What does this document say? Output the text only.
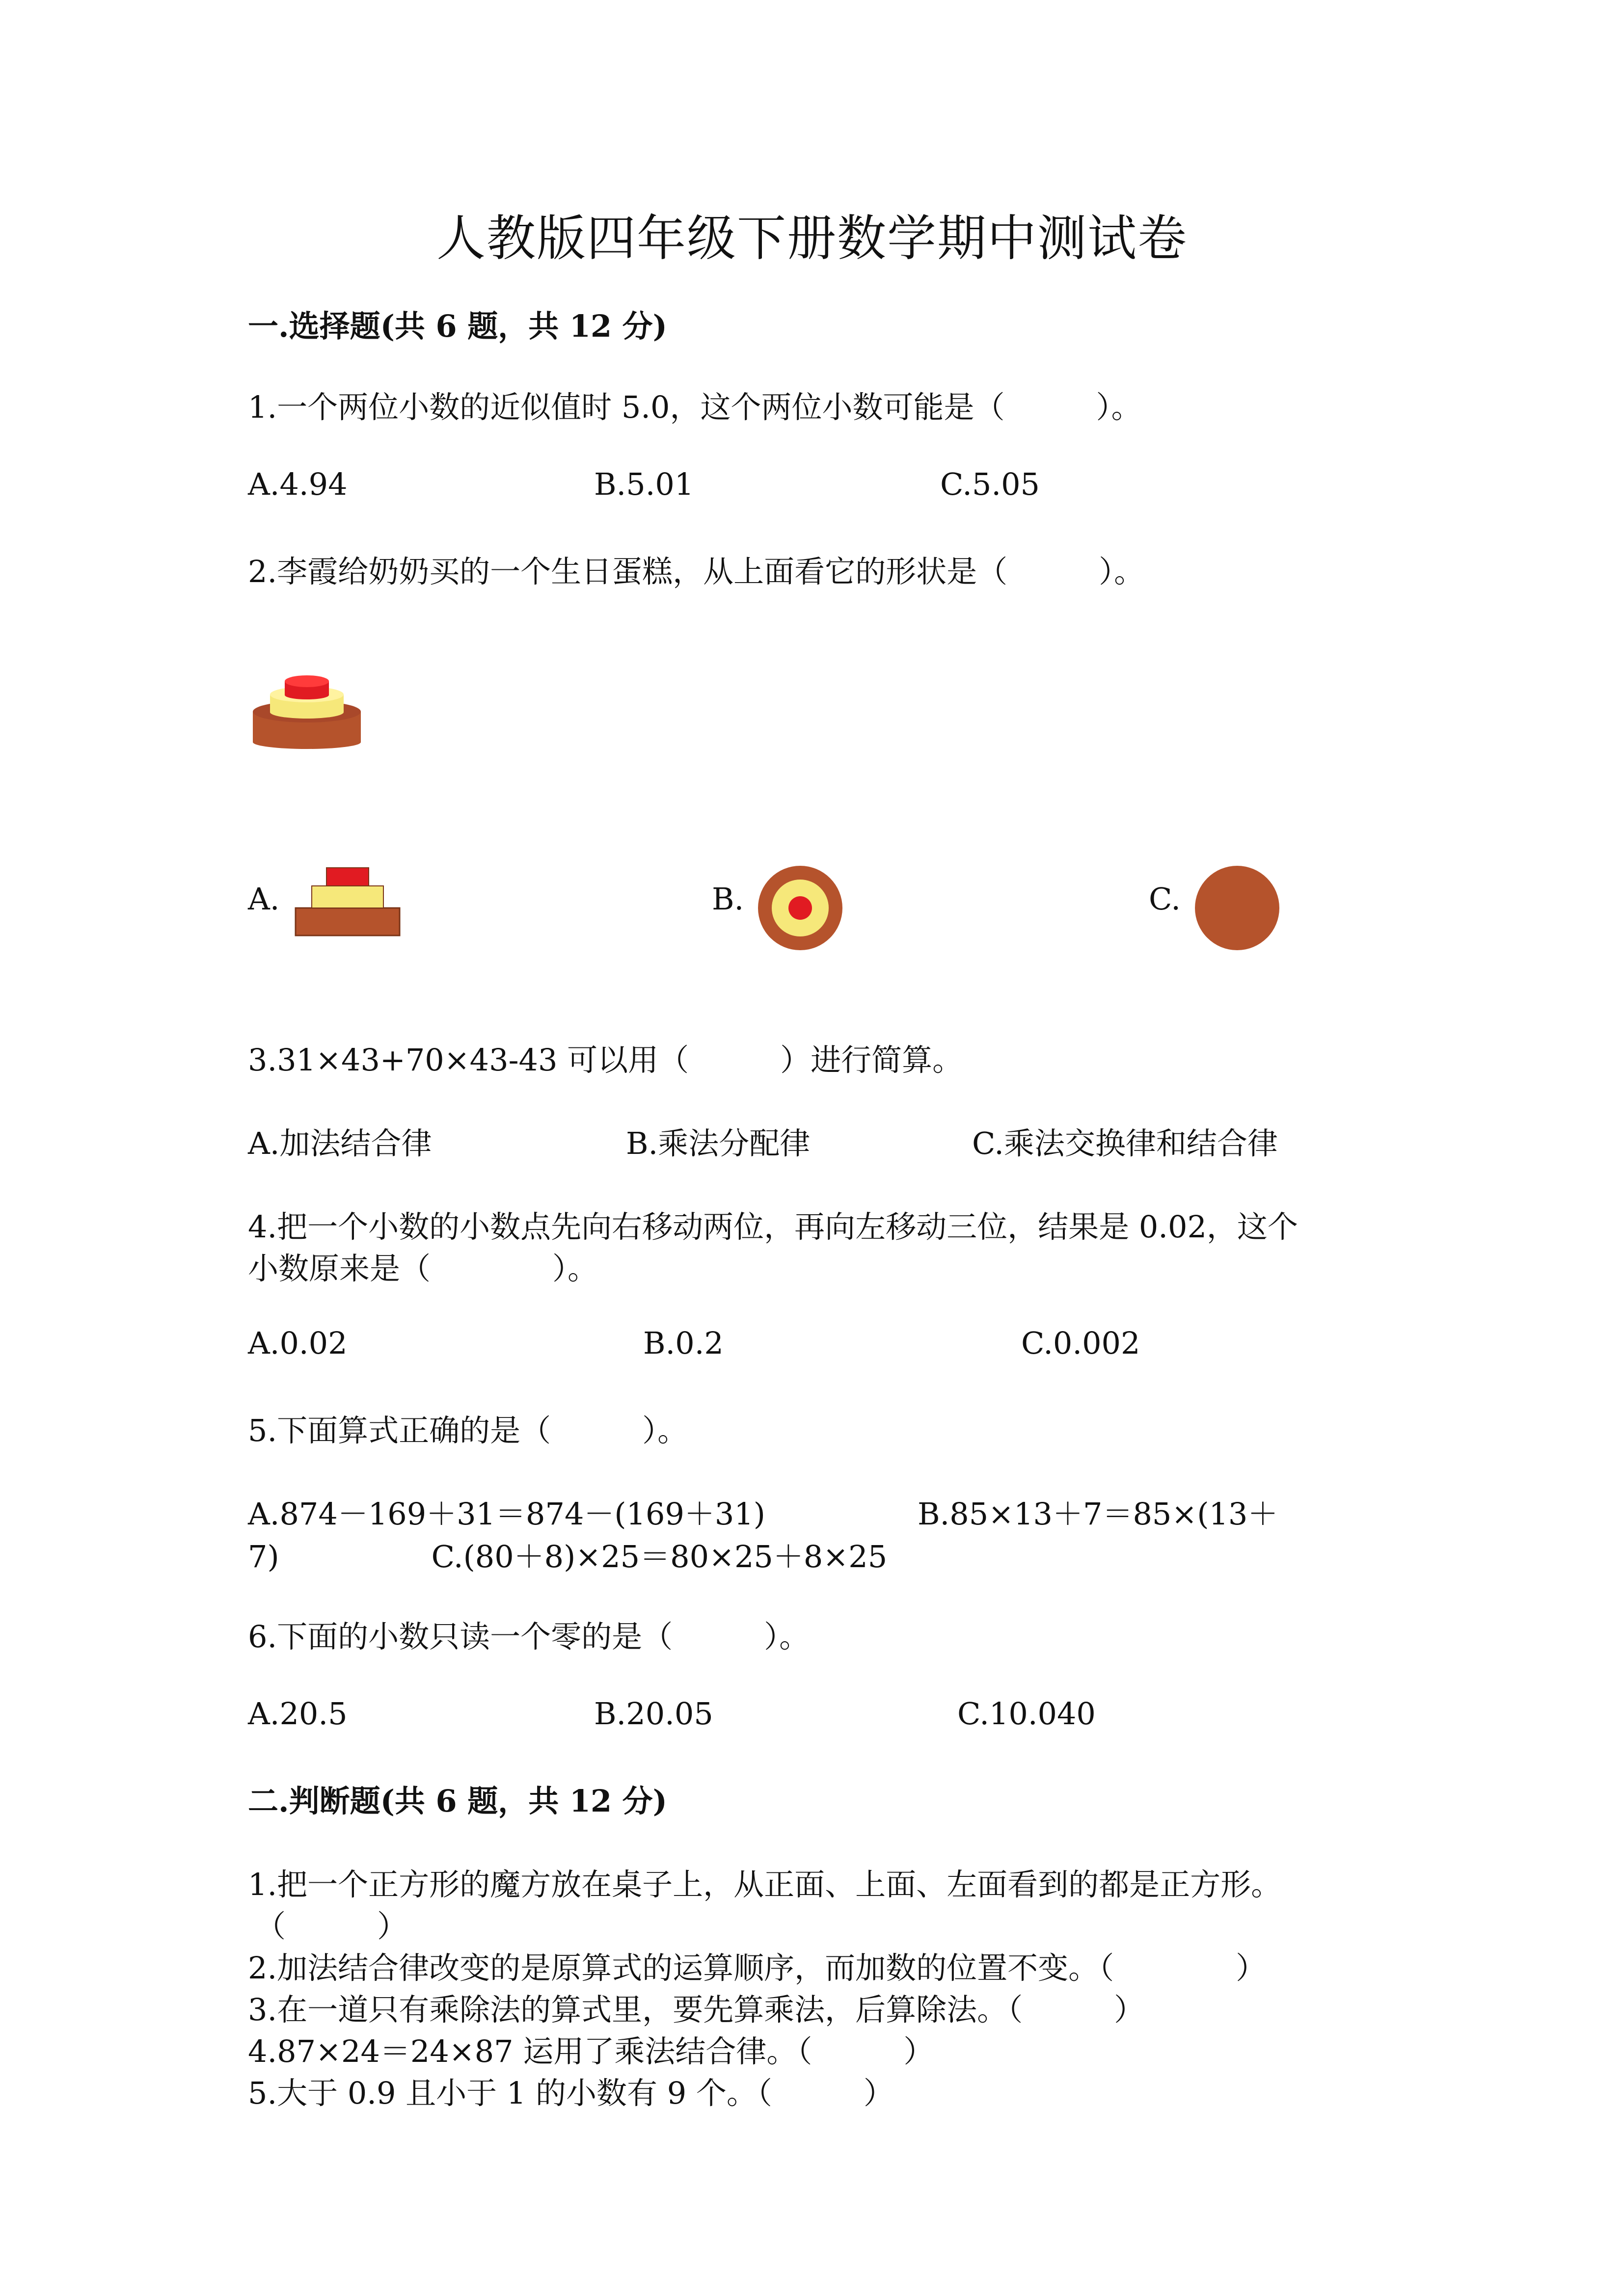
人教版四年级下册数学期中测试卷
一.选择题(共 6 题，共 12 分)
1.一个两位小数的近似值时 5.0，这个两位小数可能是（　　　）。
A.4.94	B.5.01	C.5.05
2.李霞给奶奶买的一个生日蛋糕，从上面看它的形状是（　　　）。
A.	B.	C.
3.31×43+70×43-43 可以用（　　　）进行简算。
A.加法结合律	B.乘法分配律	C.乘法交换律和结合律
4.把一个小数的小数点先向右移动两位，再向左移动三位，结果是 0.02，这个
小数原来是（　　　　）。
A.0.02	B.0.2	C.0.002
5.下面算式正确的是（　　　）。
A.874－169＋31＝874－(169＋31)　　　　　B.85×13＋7＝85×(13＋
7)　　　　　C.(80＋8)×25＝80×25＋8×25
6.下面的小数只读一个零的是（　　　）。
A.20.5	B.20.05	C.10.040
二.判断题(共 6 题，共 12 分)
1.把一个正方形的魔方放在桌子上，从正面、上面、左面看到的都是正方形。
（　　　）
2.加法结合律改变的是原算式的运算顺序，而加数的位置不变。（　　　　）
3.在一道只有乘除法的算式里，要先算乘法，后算除法。（　　　）
4.87×24＝24×87 运用了乘法结合律。（　　　）
5.大于 0.9 且小于 1 的小数有 9 个。（　　　）
